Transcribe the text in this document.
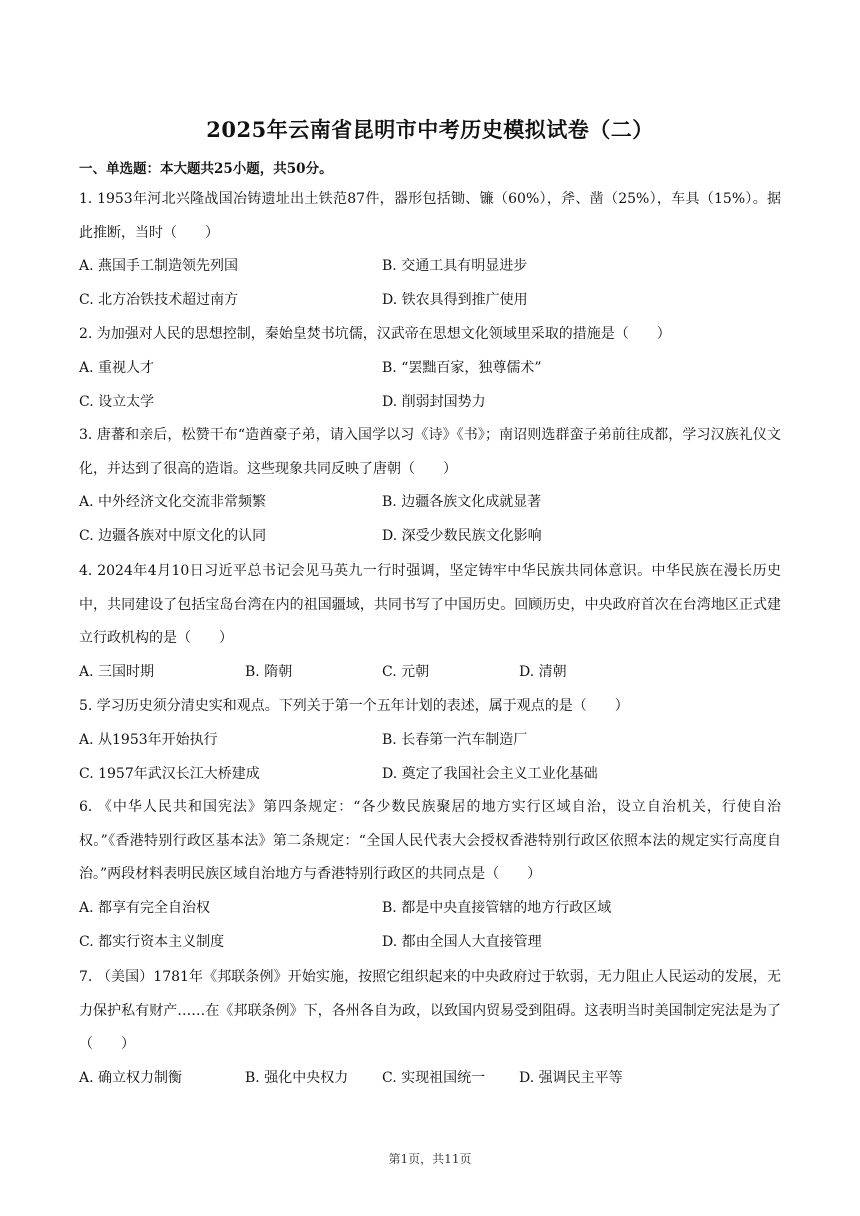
2025年云南省昆明市中考历史模拟试卷（二）
一、单选题：本大题共25小题，共50分。

1. 1953年河北兴隆战国冶铸遗址出土铁范87件，器形包括锄、镰（60%），斧、凿（25%），车具（15%）。据此推断，当时（　　）

A. 燕国手工制造领先列国	B. 交通工具有明显进步
C. 北方冶铁技术超过南方	D. 铁农具得到推广使用

2. 为加强对人民的思想控制，秦始皇焚书坑儒，汉武帝在思想文化领域里采取的措施是（　　）

A. 重视人才	B. “罢黜百家，独尊儒术”
C. 设立太学	D. 削弱封国势力

3. 唐蕃和亲后，松赞干布“造酋豪子弟，请入国学以习《诗》《书》；南诏则选群蛮子弟前往成都，学习汉族礼仪文化，并达到了很高的造诣。这些现象共同反映了唐朝（　　）

A. 中外经济文化交流非常频繁	B. 边疆各族文化成就显著
C. 边疆各族对中原文化的认同	D. 深受少数民族文化影响

4. 2024年4月10日习近平总书记会见马英九一行时强调，坚定铸牢中华民族共同体意识。中华民族在漫长历史中，共同建设了包括宝岛台湾在内的祖国疆域，共同书写了中国历史。回顾历史，中央政府首次在台湾地区正式建立行政机构的是（　　）

A. 三国时期	B. 隋朝	C. 元朝	D. 清朝

5. 学习历史须分清史实和观点。下列关于第一个五年计划的表述，属于观点的是（　　）

A. 从1953年开始执行	B. 长春第一汽车制造厂
C. 1957年武汉长江大桥建成	D. 奠定了我国社会主义工业化基础

6. 《中华人民共和国宪法》第四条规定：“各少数民族聚居的地方实行区域自治，设立自治机关，行使自治权。”《香港特别行政区基本法》第二条规定：“全国人民代表大会授权香港特别行政区依照本法的规定实行高度自治。”两段材料表明民族区域自治地方与香港特别行政区的共同点是（　　）

A. 都享有完全自治权	B. 都是中央直接管辖的地方行政区域
C. 都实行资本主义制度	D. 都由全国人大直接管理

7. （美国）1781年《邦联条例》开始实施，按照它组织起来的中央政府过于软弱，无力阻止人民运动的发展，无力保护私有财产……在《邦联条例》下，各州各自为政，以致国内贸易受到阻碍。这表明当时美国制定宪法是为了（　　）

A. 确立权力制衡	B. 强化中央权力 C. 实现祖国统一 D. 强调民主平等
第1页，共11页
